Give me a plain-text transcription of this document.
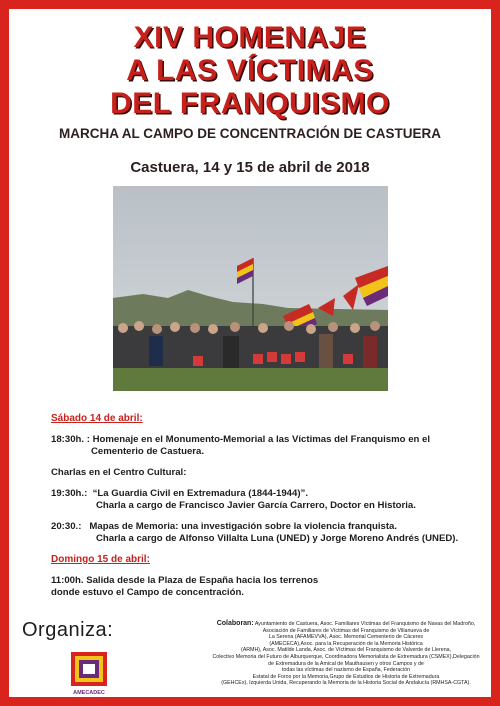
XIV HOMENAJE
A LAS VÍCTIMAS
DEL FRANQUISMO
MARCHA AL CAMPO DE CONCENTRACIÓN DE CASTUERA
Castuera, 14 y 15 de abril de 2018
Sábado 14 de abril:
18:30h. : Homenaje en el Monumento-Memorial a las Víctimas del Franquismo en el
Cementerio de Castuera.
Charlas en el Centro Cultural:
19:30h.: “La Guardia Civil en Extremadura (1844-1944)”.
Charla a cargo de Francisco Javier García Carrero, Doctor en Historia.
20:30.: Mapas de Memoria: una investigación sobre la violencia franquista.
Charla a cargo de Alfonso Villalta Luna (UNED) y Jorge Moreno Andrés (UNED).
Domingo 15 de abril:
11:00h. Salida desde la Plaza de España hacia los terrenos
donde estuvo el Campo de concentración.
Organiza:
AMECADEC
Colaboran: Ayuntamiento de Castuera, Asoc. Familiares Víctimas del Franquismo de Navas del Madroño,
Asociación de Familiares de Víctimas del Franquismo de Villanueva de
La Serena (AFAMEVVA), Asoc. Memorial Cementerio de Cáceres
(AMECECA),Asoc. para la Recuperación de la Memoria Histórica
(ARMH), Asoc. Matilde Landa, Asoc. de Víctimas del Franquismo de Valverde de Llerena,
Colectivo Memoria del Futuro de Alburquerque, Coordinadora Memorialista de Extremadura (CSMEX),Delegación
de Extremadura de la Amical de Mauthausen y otros Campos y de
todas las víctimas del nazismo de España, Federación
Estatal de Foros por la Memoria,Grupo de Estudios de Historia de Extremadura
(GEHCEx), Izquierda Unida, Recuperando la Memoria de la Historia Social de Andalucía (RMHSA-CGTA).
